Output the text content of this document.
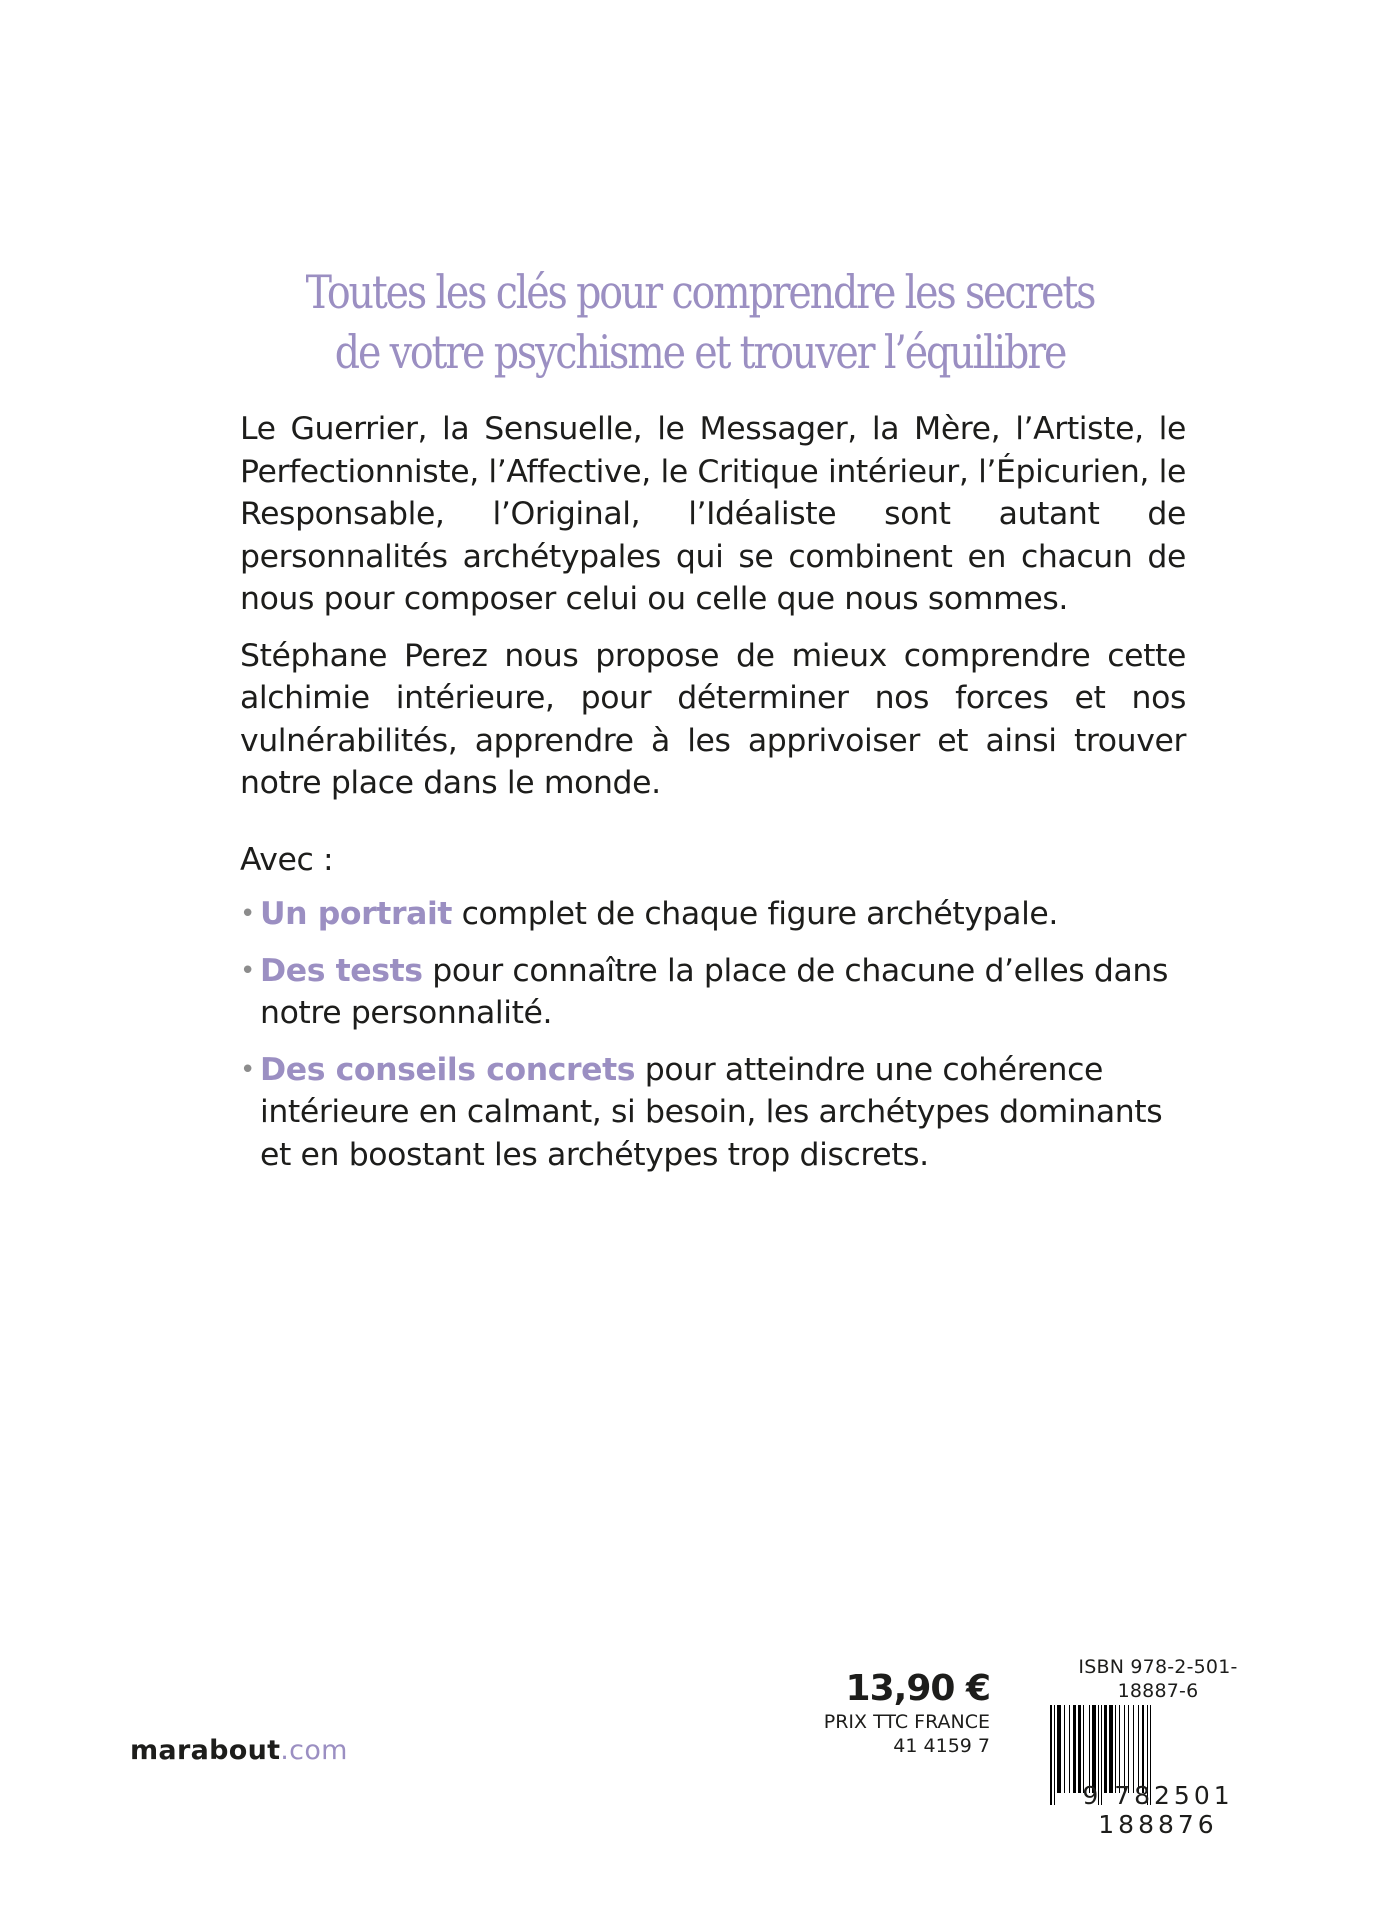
Toutes les clés pour comprendre les secrets
de votre psychisme et trouver l’équilibre

Le Guerrier, la Sensuelle, le Messager, la Mère, l’Artiste, le Perfectionniste, l’Affective, le Critique intérieur, l’Épicurien, le Responsable, l’Original, l’Idéaliste sont autant de personnalités archétypales qui se combinent en chacun de nous pour composer celui ou celle que nous sommes.

Stéphane Perez nous propose de mieux comprendre cette alchimie intérieure, pour déterminer nos forces et nos vulnérabilités, apprendre à les apprivoiser et ainsi trouver notre place dans le monde.

Avec :
• Un portrait complet de chaque figure archétypale.
• Des tests pour connaître la place de chacune d’elles dans notre personnalité.
• Des conseils concrets pour atteindre une cohérence intérieure en calmant, si besoin, les archétypes dominants et en boostant les archétypes trop discrets.
marabout.com
13,90 €
PRIX TTC FRANCE
41 4159 7
ISBN 978-2-501-18887-6
9 782501 188876
